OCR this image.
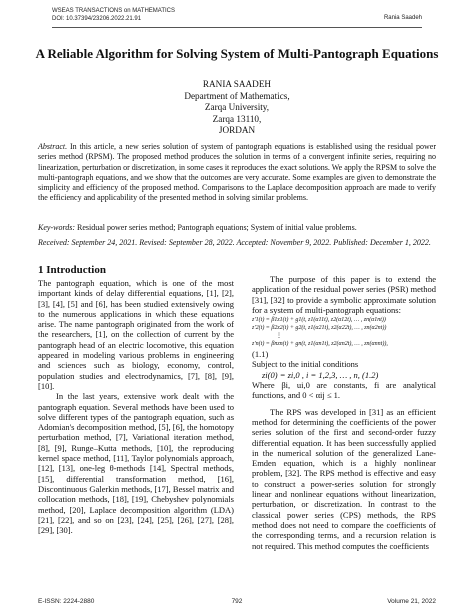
WSEAS TRANSACTIONS on MATHEMATICS
DOI: 10.37394/23206.2022.21.91	Rania Saadeh
A Reliable Algorithm for Solving System of Multi-Pantograph Equations
RANIA SAADEH
Department of Mathematics,
Zarqa University,
Zarqa 13110,
JORDAN
Abstract. In this article, a new series solution of system of pantograph equations is established using the residual power series method (RPSM). The proposed method produces the solution in terms of a convergent infinite series, requiring no linearization, perturbation or discretization, in some cases it reproduces the exact solutions. We apply the RPSM to solve the multi-pantograph equations, and we show that the outcomes are very accurate. Some examples are given to demonstrate the simplicity and efficiency of the proposed method. Comparisons to the Laplace decomposition approach are made to verify the efficiency and applicability of the presented method in solving similar problems.
Key-words: Residual power series method; Pantograph equations; System of initial value problems.
Received: September 24, 2021. Revised: September 28, 2022. Accepted: November 9, 2022. Published: December 1, 2022.
1 Introduction

The pantograph equation, which is one of the most important kinds of delay differential equations, [1], [2], [3], [4], [5] and [6], has been studied extensively owing to the numerous applications in which these equations arise. The name pantograph originated from the work of the researchers, [1], on the collection of current by the pantograph head of an electric locomotive, this equation appeared in modeling various problems in engineering and sciences such as biology, economy, control, population studies and electrodynamics, [7], [8], [9], [10].

In the last years, extensive work dealt with the pantograph equation. Several methods have been used to solve different types of the pantograph equation, such as Adomian's decomposition method, [5], [6], the homotopy perturbation method, [7], Variational iteration method, [8], [9], Runge–Kutta methods, [10], the reproducing kernel space method, [11], Taylor polynomials approach, [12], [13], one-leg θ-methods [14], Spectral methods, [15], differential transformation method, [16], Discontinuous Galerkin methods, [17], Bessel matrix and collocation methods, [18], [19], Chebyshev polynomials method, [20], Laplace decomposition algorithm (LDA) [21], [22], and so on [23], [24], [25], [26], [27], [28], [29], [30].

The purpose of this paper is to extend the application of the residual power series (PSR) method [31], [32] to provide a symbolic approximate solution for a system of multi-pantograph equations:

z′1(t) = β1z1(t) + g1(t, z1(α11t), z2(α12t), … , zn(α1nt))
z′2(t) = β2z2(t) + g2(t, z1(α21t), z2(α22t), … , zn(α2nt))
⋮
z′n(t) = βnzn(t) + gn(t, z1(αn1t), z2(αn2t), … , zn(αnnt)),
(1.1)
Subject to the initial conditions
zi(0) = zi,0 , i = 1,2,3, … , n, (1.2)

Where βi, ui,0 are constants, fi are analytical functions, and 0 < αij ≤ 1.

The RPS was developed in [31] as an efficient method for determining the coefficients of the power series solution of the first and second-order fuzzy differential equation. It has been successfully applied in the numerical solution of the generalized Lane-Emden equation, which is a highly nonlinear problem, [32]. The RPS method is effective and easy to construct a power-series solution for strongly linear and nonlinear equations without linearization, perturbation, or discretization. In contrast to the classical power series (CPS) methods, the RPS method does not need to compare the coefficients of the corresponding terms, and a recursion relation is not required. This method computes the coefficients

E-ISSN: 2224-2880	792	Volume 21, 2022
